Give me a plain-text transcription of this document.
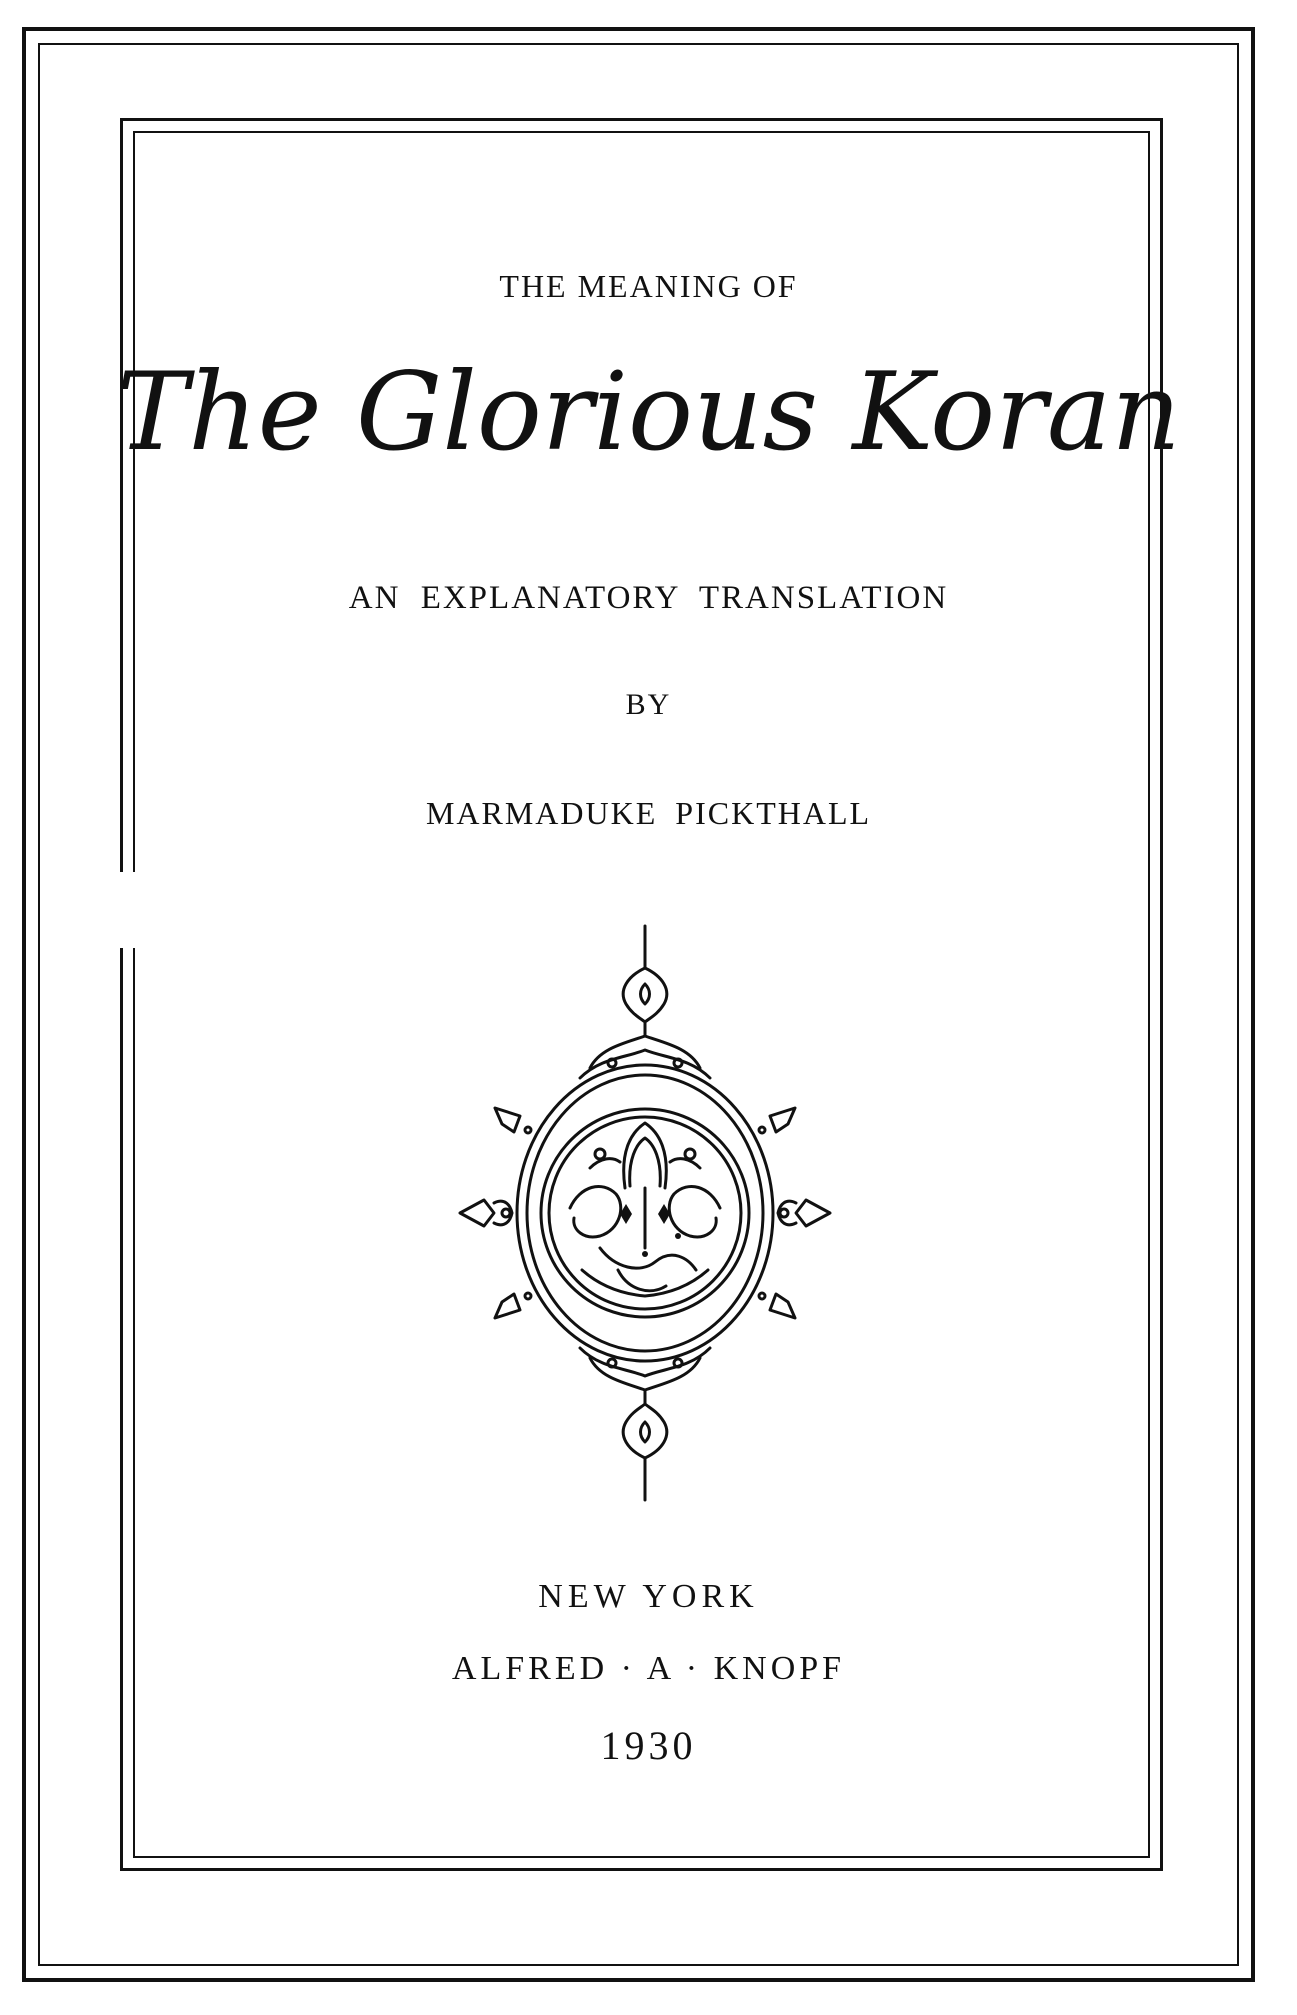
THE MEANING OF
The Glorious Koran
AN EXPLANATORY TRANSLATION
BY
MARMADUKE PICKTHALL
NEW YORK
ALFRED · A · KNOPF
1930
